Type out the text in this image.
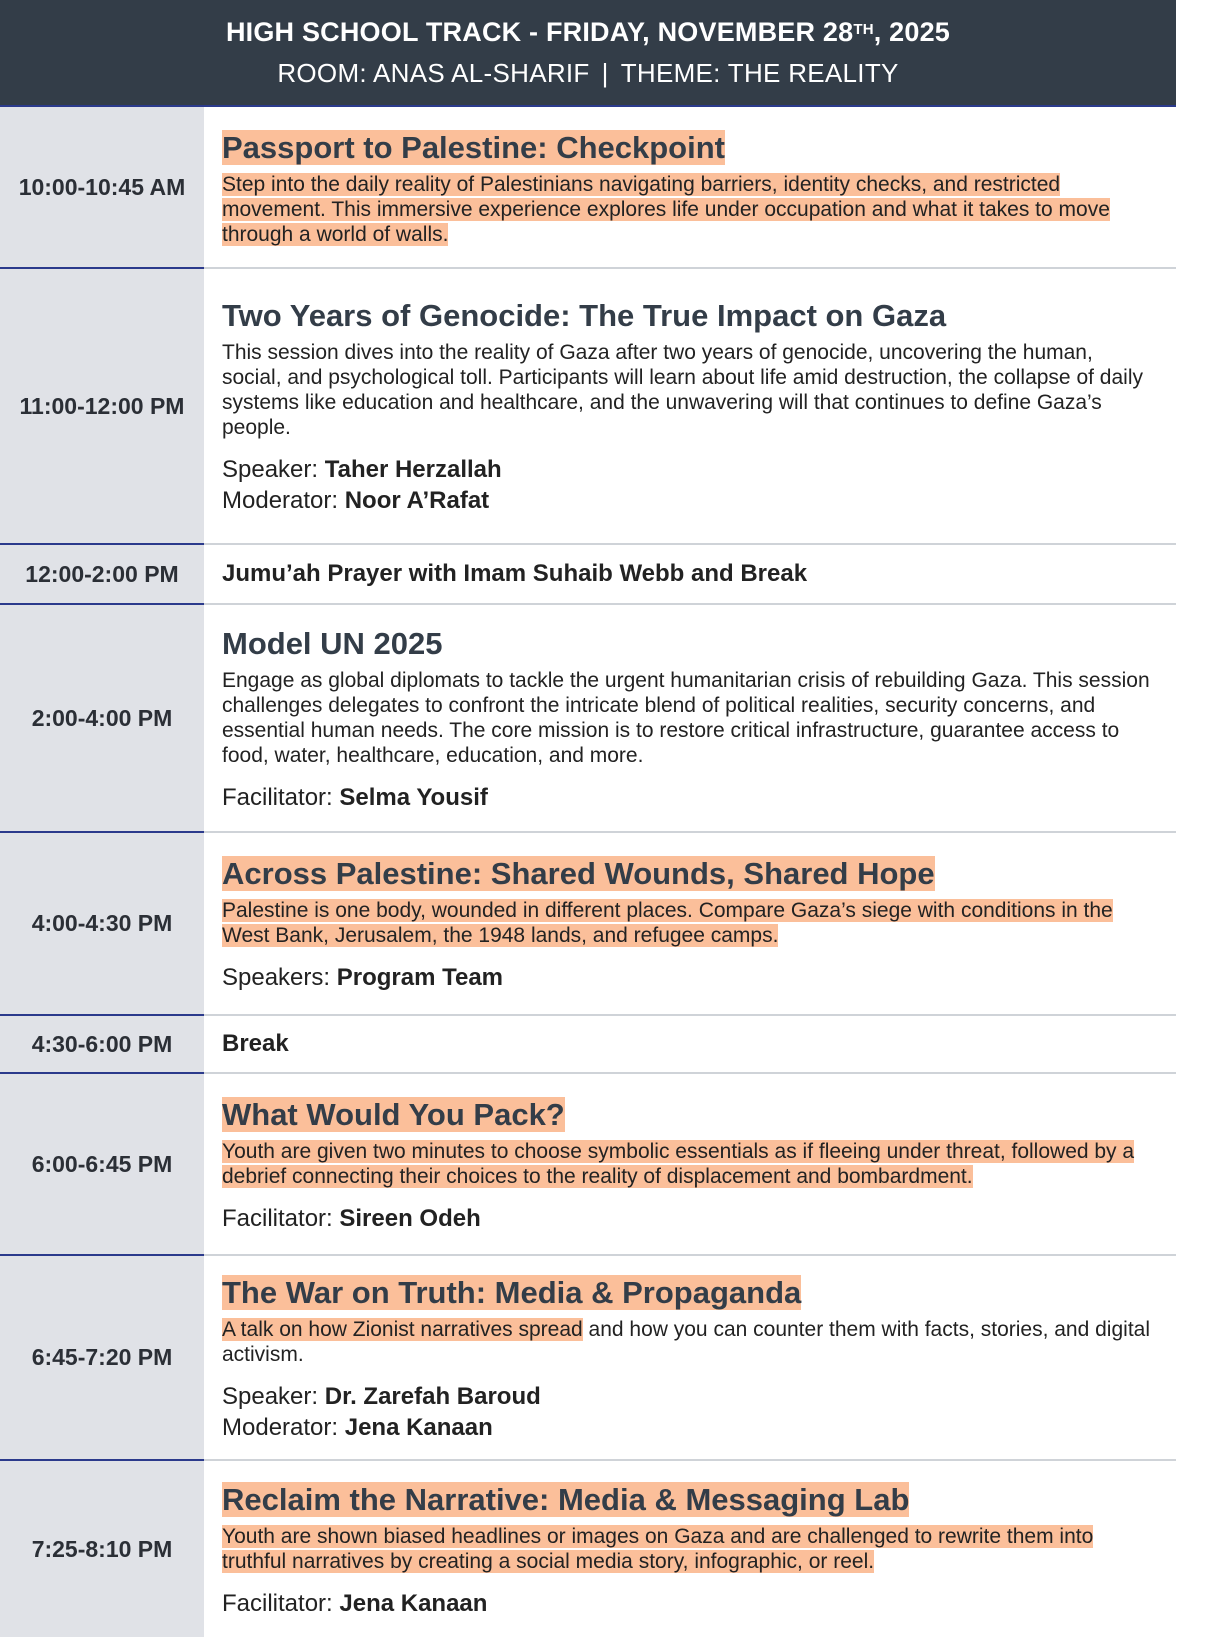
HIGH SCHOOL TRACK - FRIDAY, NOVEMBER 28TH, 2025
ROOM: ANAS AL-SHARIF | THEME: THE REALITY
10:00-10:45 AM
Passport to Palestine: Checkpoint
Step into the daily reality of Palestinians navigating barriers, identity checks, and restricted movement. This immersive experience explores life under occupation and what it takes to move through a world of walls.
11:00-12:00 PM
Two Years of Genocide: The True Impact on Gaza
This session dives into the reality of Gaza after two years of genocide, uncovering the human, social, and psychological toll. Participants will learn about life amid destruction, the collapse of daily systems like education and healthcare, and the unwavering will that continues to define Gaza’s people.
Speaker: Taher Herzallah
Moderator: Noor A’Rafat
12:00-2:00 PM	Jumu’ah Prayer with Imam Suhaib Webb and Break
2:00-4:00 PM
Model UN 2025
Engage as global diplomats to tackle the urgent humanitarian crisis of rebuilding Gaza. This session challenges delegates to confront the intricate blend of political realities, security concerns, and essential human needs. The core mission is to restore critical infrastructure, guarantee access to food, water, healthcare, education, and more.
Facilitator: Selma Yousif
4:00-4:30 PM
Across Palestine: Shared Wounds, Shared Hope
Palestine is one body, wounded in different places. Compare Gaza’s siege with conditions in the West Bank, Jerusalem, the 1948 lands, and refugee camps.
Speakers: Program Team
4:30-6:00 PM	Break
6:00-6:45 PM
What Would You Pack?
Youth are given two minutes to choose symbolic essentials as if fleeing under threat, followed by a debrief connecting their choices to the reality of displacement and bombardment.
Facilitator: Sireen Odeh
6:45-7:20 PM
The War on Truth: Media & Propaganda
A talk on how Zionist narratives spread and how you can counter them with facts, stories, and digital activism.
Speaker: Dr. Zarefah Baroud
Moderator: Jena Kanaan
7:25-8:10 PM
Reclaim the Narrative: Media & Messaging Lab
Youth are shown biased headlines or images on Gaza and are challenged to rewrite them into truthful narratives by creating a social media story, infographic, or reel.
Facilitator: Jena Kanaan
